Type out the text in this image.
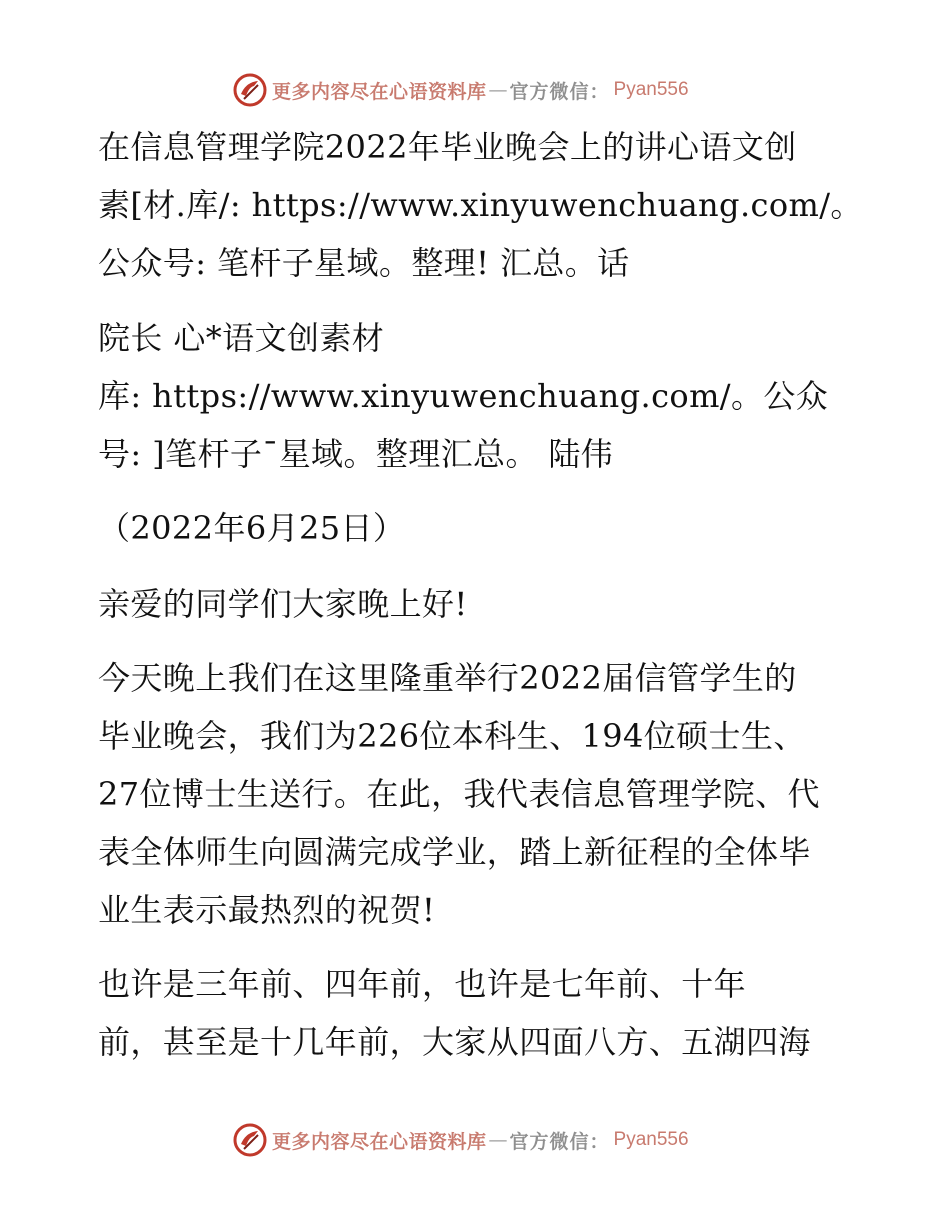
更多内容尽在心语资料库 — 官方微信： Pyan556
在信息管理学院2022年毕业晚会上的讲心语文创
素[材.库/: https://www.xinyuwenchuang.com/。
公众号: 笔杆子星域。整理! 汇总。话
院长 心*语文创素材
库: https://www.xinyuwenchuang.com/。公众
号: ]笔杆子¯星域。整理汇总。 陆伟
（2022年6月25日）
亲爱的同学们大家晚上好!
今天晚上我们在这里隆重举行2022届信管学生的
毕业晚会，我们为226位本科生、194位硕士生、
27位博士生送行。在此，我代表信息管理学院、代
表全体师生向圆满完成学业，踏上新征程的全体毕
业生表示最热烈的祝贺!
也许是三年前、四年前，也许是七年前、十年
前，甚至是十几年前，大家从四面八方、五湖四海
更多内容尽在心语资料库 — 官方微信： Pyan556
